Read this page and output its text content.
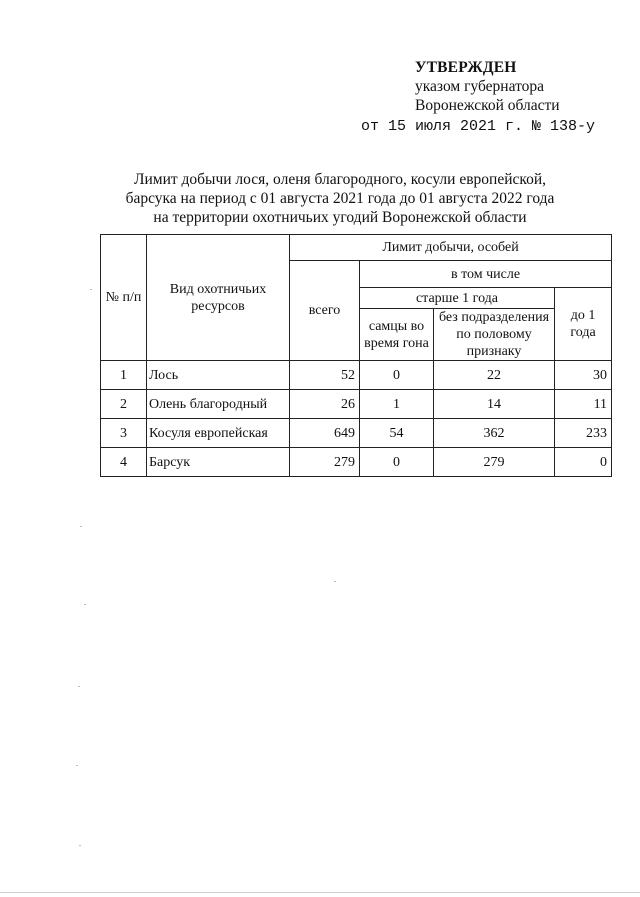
УТВЕРЖДЕН
указом губернатора
Воронежской области
от 15 июля 2021 г. № 138-у
Лимит добычи лося, оленя благородного, косули европейской,
барсука на период с 01 августа 2021 года до 01 августа 2022 года
на территории охотничьих угодий Воронежской области
№ п/п	Вид охотничьих ресурсов	Лимит добычи, особей			
		всего	в том числе		
			старше 1 года		до 1 года
			самцы во время гона	без подразделения по половому признаку	
1	Лось	52	0	22	30
2	Олень благородный	26	1	14	11
3	Косуля европейская	649	54	362	233
4	Барсук	279	0	279	0
